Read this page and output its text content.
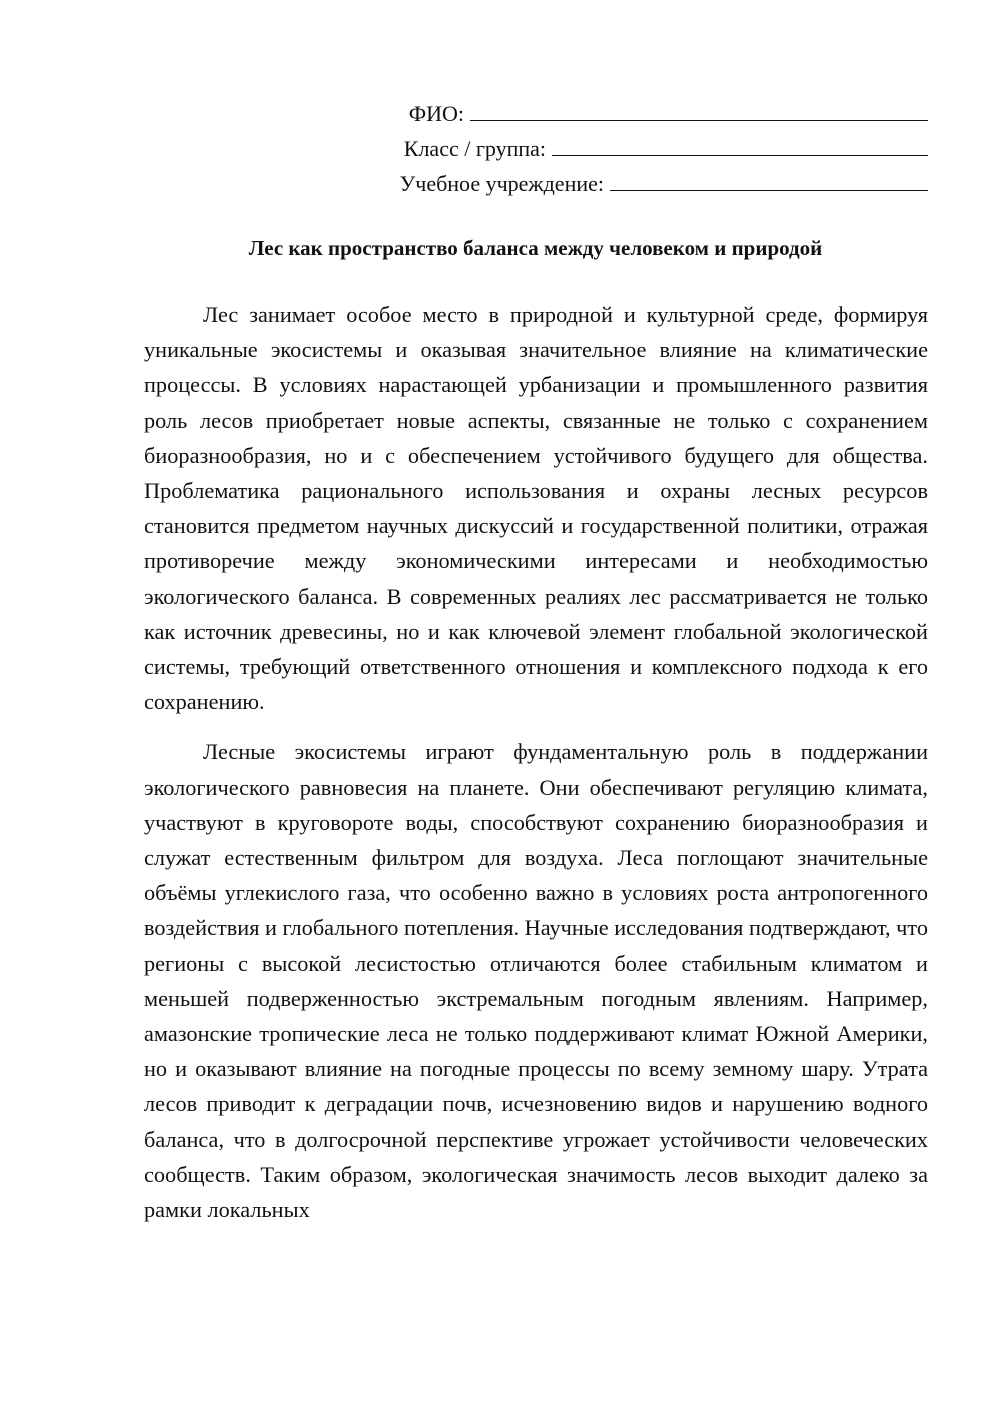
ФИО:
Класс / группа:
Учебное учреждение:
Лес как пространство баланса между человеком и природой

Лес занимает особое место в природной и культурной среде, формируя уникальные экосистемы и оказывая значительное влияние на климатические процессы. В условиях нарастающей урбанизации и промышленного развития роль лесов приобретает новые аспекты, связанные не только с сохранением биоразнообразия, но и с обеспечением устойчивого будущего для общества. Проблематика рационального использования и охраны лесных ресурсов становится предметом научных дискуссий и государственной политики, отражая противоречие между экономическими интересами и необходимостью экологического баланса. В современных реалиях лес рассматривается не только как источник древесины, но и как ключевой элемент глобальной экологической системы, требующий ответственного отношения и комплексного подхода к его сохранению.

Лесные экосистемы играют фундаментальную роль в поддержании экологического равновесия на планете. Они обеспечивают регуляцию климата, участвуют в круговороте воды, способствуют сохранению биоразнообразия и служат естественным фильтром для воздуха. Леса поглощают значительные объёмы углекислого газа, что особенно важно в условиях роста антропогенного воздействия и глобального потепления. Научные исследования подтверждают, что регионы с высокой лесистостью отличаются более стабильным климатом и меньшей подверженностью экстремальным погодным явлениям. Например, амазонские тропические леса не только поддерживают климат Южной Америки, но и оказывают влияние на погодные процессы по всему земному шару. Утрата лесов приводит к деградации почв, исчезновению видов и нарушению водного баланса, что в долгосрочной перспективе угрожает устойчивости человеческих сообществ. Таким образом, экологическая значимость лесов выходит далеко за рамки локальных
